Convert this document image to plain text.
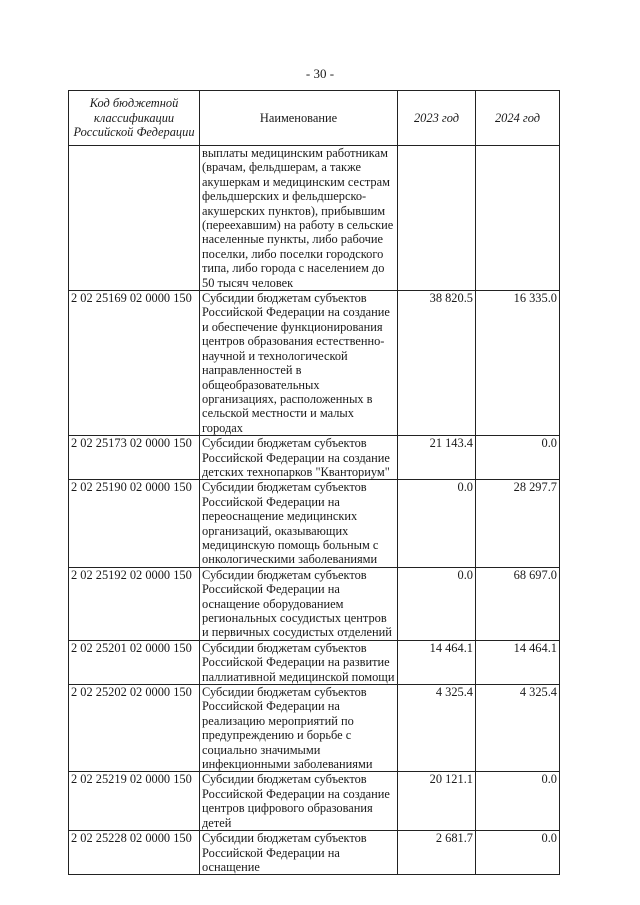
- 30 -
Код бюджетной классификации Российской Федерации	Наименование	2023 год	2024 год
	выплаты медицинским работникам (врачам, фельдшерам, а также акушеркам и медицинским сестрам фельдшерских и фельдшерско-акушерских пунктов), прибывшим (переехавшим) на работу в сельские населенные пункты, либо рабочие поселки, либо поселки городского типа, либо города с населением до 50 тысяч человек		
2 02 25169 02 0000 150	Субсидии бюджетам субъектов Российской Федерации на создание и обеспечение функционирования центров образования естественно-научной и технологической направленностей в общеобразовательных организациях, расположенных в сельской местности и малых городах	38 820.5	16 335.0
2 02 25173 02 0000 150	Субсидии бюджетам субъектов Российской Федерации на создание детских технопарков "Кванториум"	21 143.4	0.0
2 02 25190 02 0000 150	Субсидии бюджетам субъектов Российской Федерации на переоснащение медицинских организаций, оказывающих медицинскую помощь больным с онкологическими заболеваниями	0.0	28 297.7
2 02 25192 02 0000 150	Субсидии бюджетам субъектов Российской Федерации на оснащение оборудованием региональных сосудистых центров и первичных сосудистых отделений	0.0	68 697.0
2 02 25201 02 0000 150	Субсидии бюджетам субъектов Российской Федерации на развитие паллиативной медицинской помощи	14 464.1	14 464.1
2 02 25202 02 0000 150	Субсидии бюджетам субъектов Российской Федерации на реализацию мероприятий по предупреждению и борьбе с социально значимыми инфекционными заболеваниями	4 325.4	4 325.4
2 02 25219 02 0000 150	Субсидии бюджетам субъектов Российской Федерации на создание центров цифрового образования детей	20 121.1	0.0
2 02 25228 02 0000 150	Субсидии бюджетам субъектов Российской Федерации на оснащение	2 681.7	0.0
